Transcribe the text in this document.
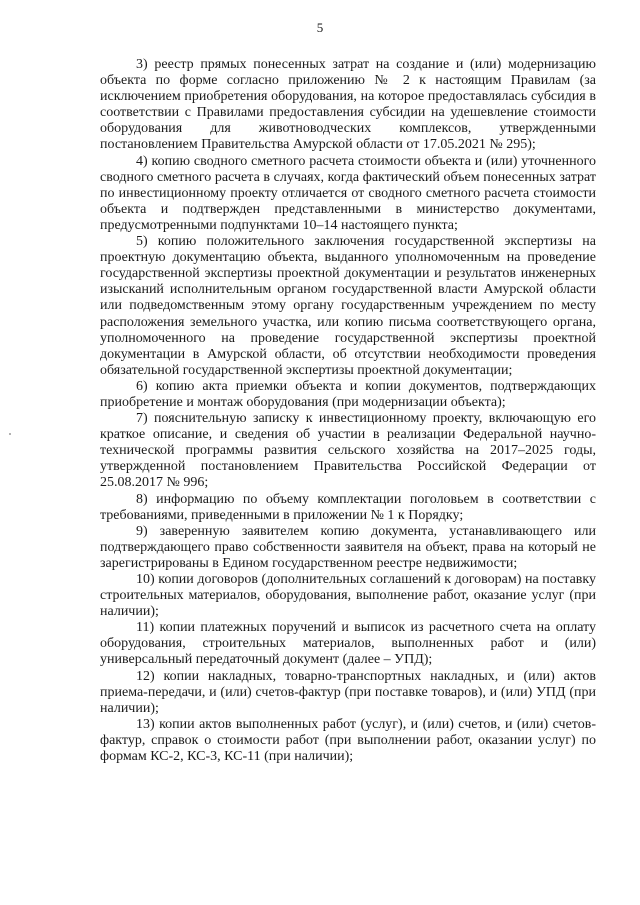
5

3) реестр прямых понесенных затрат на создание и (или) модернизацию объекта по форме согласно приложению № 2 к настоящим Правилам (за исключением приобретения оборудования, на которое предоставлялась субсидия в соответствии с Правилами предоставления субсидии на удешевление стоимости оборудования для животноводческих комплексов, утвержденными постановлением Правительства Амурской области от 17.05.2021 № 295);

4) копию сводного сметного расчета стоимости объекта и (или) уточненного сводного сметного расчета в случаях, когда фактический объем понесенных затрат по инвестиционному проекту отличается от сводного сметного расчета стоимости объекта и подтвержден представленными в министерство документами, предусмотренными подпунктами 10–14 настоящего пункта;

5) копию положительного заключения государственной экспертизы на проектную документацию объекта, выданного уполномоченным на проведение государственной экспертизы проектной документации и результатов инженерных изысканий исполнительным органом государственной власти Амурской области или подведомственным этому органу государственным учреждением по месту расположения земельного участка, или копию письма соответствующего органа, уполномоченного на проведение государственной экспертизы проектной документации в Амурской области, об отсутствии необходимости проведения обязательной государственной экспертизы проектной документации;

6) копию акта приемки объекта и копии документов, подтверждающих приобретение и монтаж оборудования (при модернизации объекта);

7) пояснительную записку к инвестиционному проекту, включающую его краткое описание, и сведения об участии в реализации Федеральной научно-технической программы развития сельского хозяйства на 2017–2025 годы, утвержденной постановлением Правительства Российской Федерации от 25.08.2017 № 996;

8) информацию по объему комплектации поголовьем в соответствии с требованиями, приведенными в приложении № 1 к Порядку;

9) заверенную заявителем копию документа, устанавливающего или подтверждающего право собственности заявителя на объект, права на который не зарегистрированы в Едином государственном реестре недвижимости;

10) копии договоров (дополнительных соглашений к договорам) на поставку строительных материалов, оборудования, выполнение работ, оказание услуг (при наличии);

11) копии платежных поручений и выписок из расчетного счета на оплату оборудования, строительных материалов, выполненных работ и (или) универсальный передаточный документ (далее – УПД);

12) копии накладных, товарно-транспортных накладных, и (или) актов приема-передачи, и (или) счетов-фактур (при поставке товаров), и (или) УПД (при наличии);

13) копии актов выполненных работ (услуг), и (или) счетов, и (или) счетов-фактур, справок о стоимости работ (при выполнении работ, оказании услуг) по формам КС-2, КС-3, КС-11 (при наличии);
